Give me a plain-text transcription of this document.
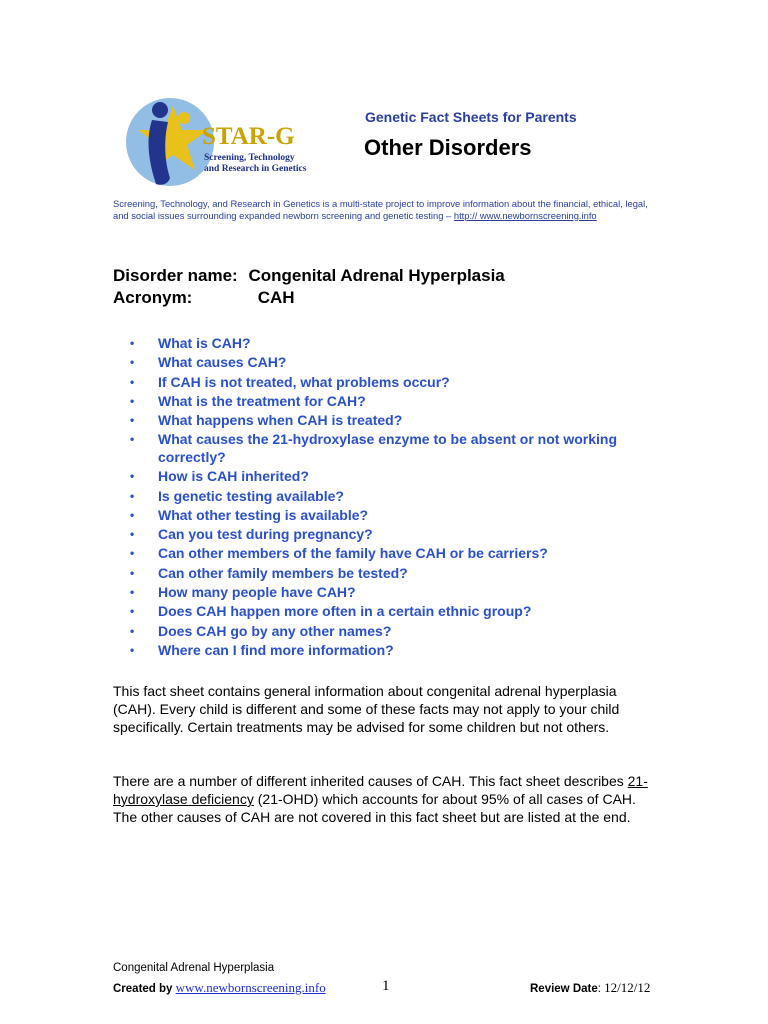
STAR-G
Screening, Technology
and Research in Genetics
Genetic Fact Sheets for Parents
Other Disorders
Screening, Technology, and Research in Genetics is a multi-state project to improve information about the financial, ethical, legal, and social issues surrounding expanded newborn screening and genetic testing – http:// www.newbornscreening.info
Disorder name: Congenital Adrenal Hyperplasia
Acronym:	CAH
• What is CAH?
• What causes CAH?
• If CAH is not treated, what problems occur?
• What is the treatment for CAH?
• What happens when CAH is treated?
• What causes the 21-hydroxylase enzyme to be absent or not working correctly?
• How is CAH inherited?
• Is genetic testing available?
• What other testing is available?
• Can you test during pregnancy?
• Can other members of the family have CAH or be carriers?
• Can other family members be tested?
• How many people have CAH?
• Does CAH happen more often in a certain ethnic group?
• Does CAH go by any other names?
• Where can I find more information?
This fact sheet contains general information about congenital adrenal hyperplasia (CAH). Every child is different and some of these facts may not apply to your child specifically. Certain treatments may be advised for some children but not others.
There are a number of different inherited causes of CAH. This fact sheet describes 21-hydroxylase deficiency (21-OHD) which accounts for about 95% of all cases of CAH. The other causes of CAH are not covered in this fact sheet but are listed at the end.
Congenital Adrenal Hyperplasia
Created by www.newbornscreening.info	1	Review Date: 12/12/12
